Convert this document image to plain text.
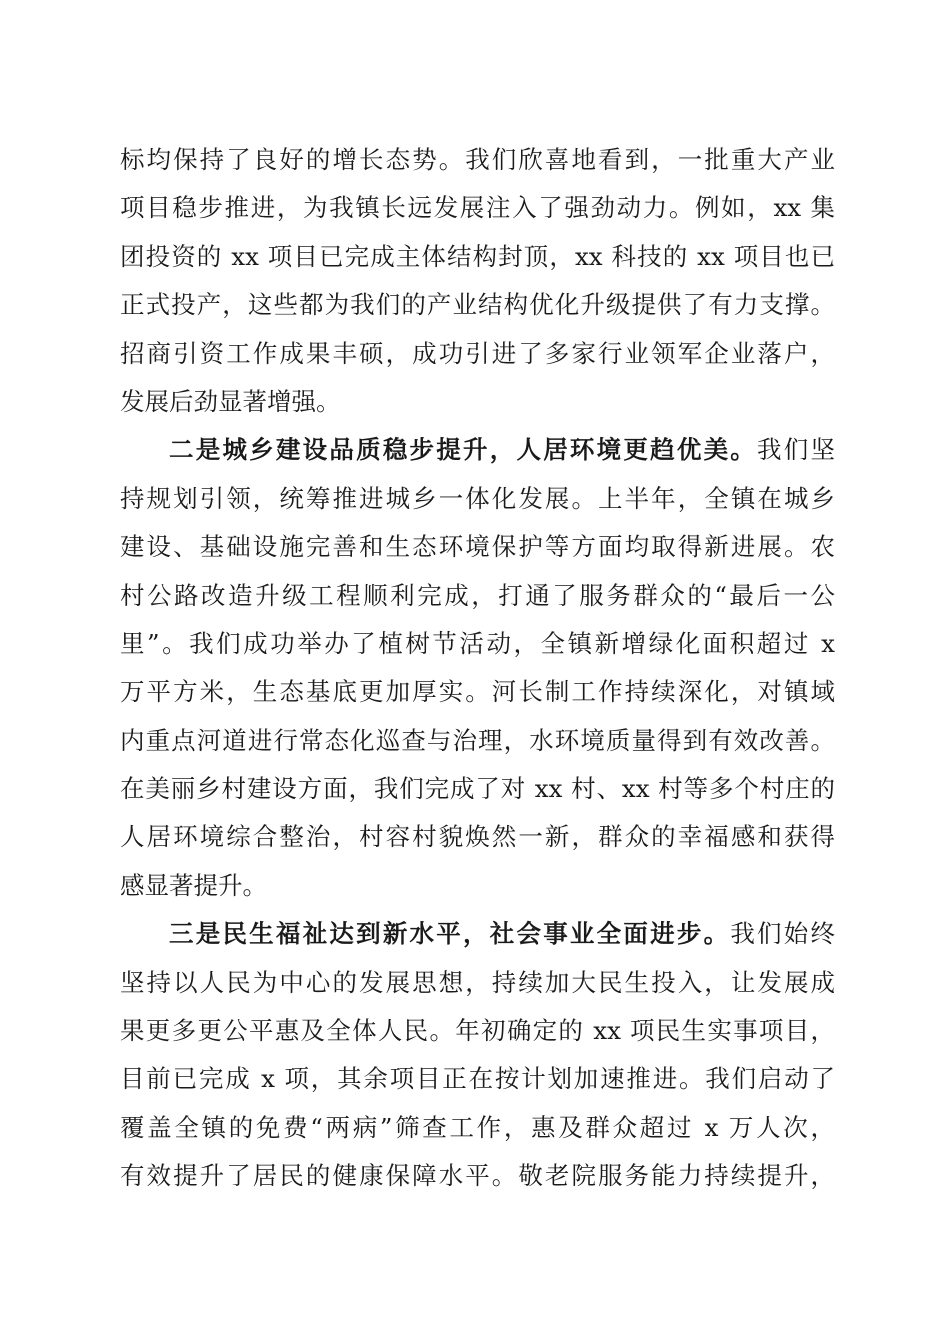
标均保持了良好的增长态势。我们欣喜地看到，一批重大产业
项目稳步推进，为我镇长远发展注入了强劲动力。例如，xx 集
团投资的 xx 项目已完成主体结构封顶，xx 科技的 xx 项目也已
正式投产，这些都为我们的产业结构优化升级提供了有力支撑。
招商引资工作成果丰硕，成功引进了多家行业领军企业落户，
发展后劲显著增强。
二是城乡建设品质稳步提升，人居环境更趋优美。我们坚
持规划引领，统筹推进城乡一体化发展。上半年，全镇在城乡
建设、基础设施完善和生态环境保护等方面均取得新进展。农
村公路改造升级工程顺利完成，打通了服务群众的“最后一公
里”。我们成功举办了植树节活动，全镇新增绿化面积超过 x
万平方米，生态基底更加厚实。河长制工作持续深化，对镇域
内重点河道进行常态化巡查与治理，水环境质量得到有效改善。
在美丽乡村建设方面，我们完成了对 xx 村、xx 村等多个村庄的
人居环境综合整治，村容村貌焕然一新，群众的幸福感和获得
感显著提升。
三是民生福祉达到新水平，社会事业全面进步。我们始终
坚持以人民为中心的发展思想，持续加大民生投入，让发展成
果更多更公平惠及全体人民。年初确定的 xx 项民生实事项目，
目前已完成 x 项，其余项目正在按计划加速推进。我们启动了
覆盖全镇的免费“两病”筛查工作，惠及群众超过 x 万人次，
有效提升了居民的健康保障水平。敬老院服务能力持续提升，
